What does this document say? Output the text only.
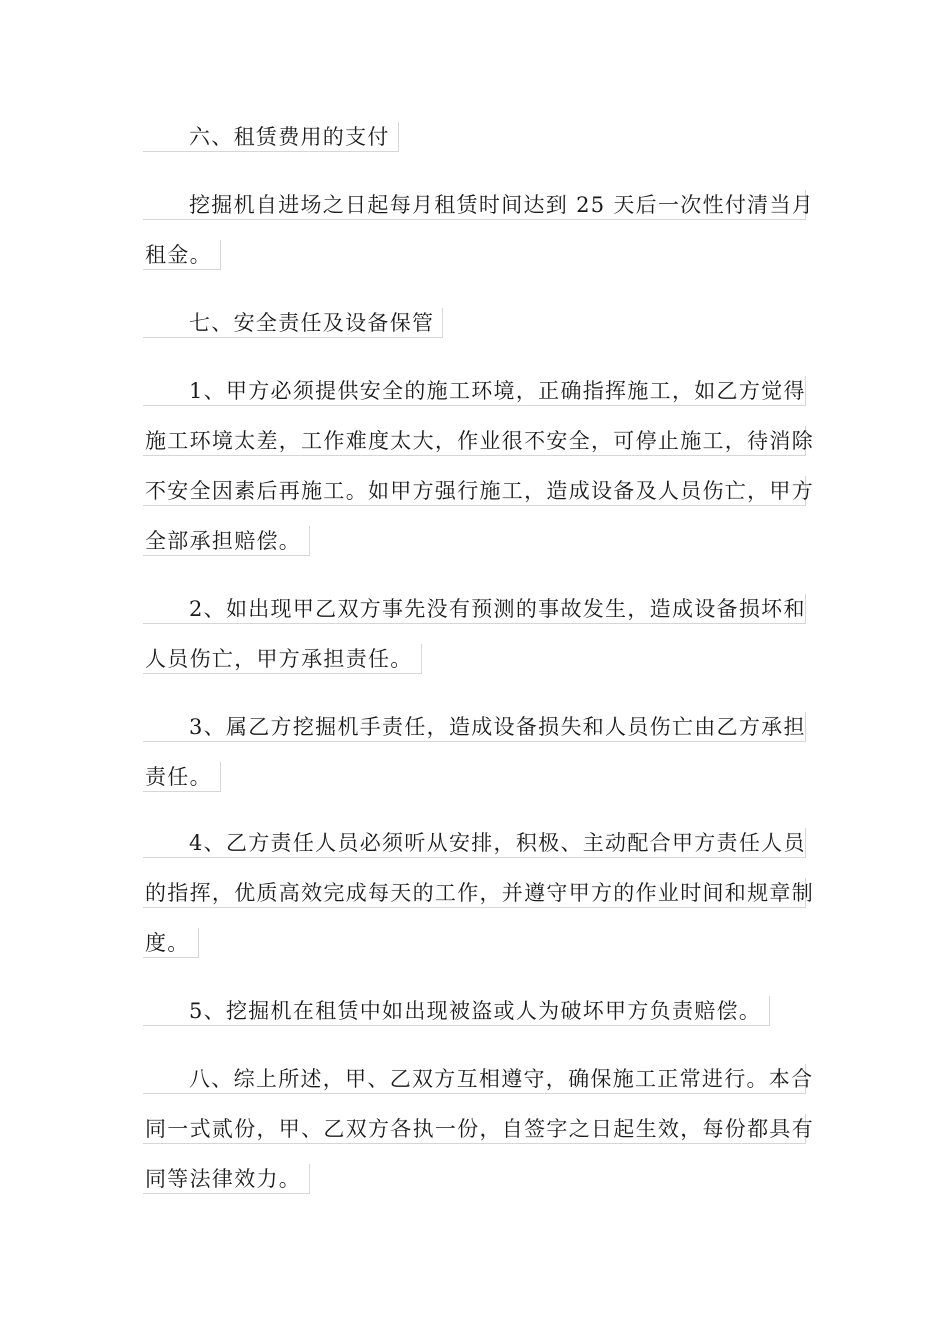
六、租赁费用的支付
挖掘机自进场之日起每月租赁时间达到 25 天后一次性付清当月
租金。
七、安全责任及设备保管
1、甲方必须提供安全的施工环境，正确指挥施工，如乙方觉得
施工环境太差，工作难度太大，作业很不安全，可停止施工，待消除
不安全因素后再施工。如甲方强行施工，造成设备及人员伤亡，甲方
全部承担赔偿。
2、如出现甲乙双方事先没有预测的事故发生，造成设备损坏和
人员伤亡，甲方承担责任。
3、属乙方挖掘机手责任，造成设备损失和人员伤亡由乙方承担
责任。
4、乙方责任人员必须听从安排，积极、主动配合甲方责任人员
的指挥，优质高效完成每天的工作，并遵守甲方的作业时间和规章制
度。
5、挖掘机在租赁中如出现被盗或人为破坏甲方负责赔偿。
八、综上所述，甲、乙双方互相遵守，确保施工正常进行。本合
同一式贰份，甲、乙双方各执一份，自签字之日起生效，每份都具有
同等法律效力。
